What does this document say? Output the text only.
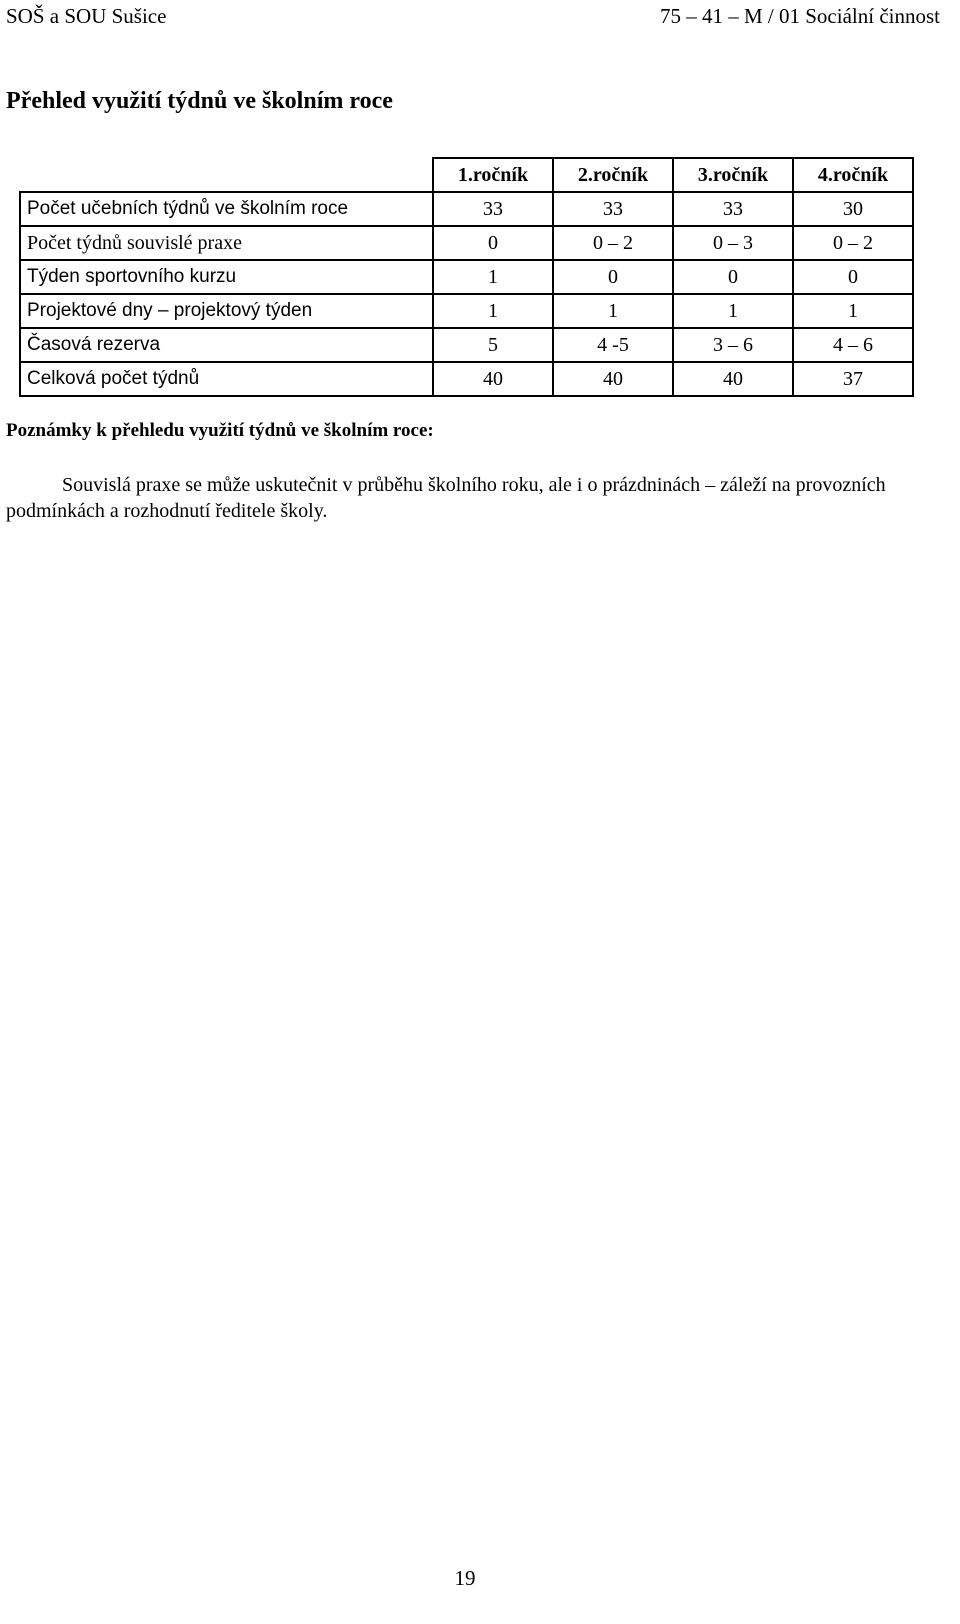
SOŠ a SOU Sušice	75 – 41 – M / 01 Sociální činnost
Přehled využití týdnů ve školním roce
	1.ročník	2.ročník	3.ročník	4.ročník
Počet učebních týdnů ve školním roce	33	33	33	30
Počet týdnů souvislé praxe	0	0 – 2	0 – 3	0 – 2
Týden sportovního kurzu	1	0	0	0
Projektové dny – projektový týden	1	1	1	1
Časová rezerva	5	4 -5	3 – 6	4 – 6
Celková počet týdnů	40	40	40	37
Poznámky k přehledu využití týdnů ve školním roce:

Souvislá praxe se může uskutečnit v průběhu školního roku, ale i o prázdninách – záleží na provozních podmínkách a rozhodnutí ředitele školy.

19
